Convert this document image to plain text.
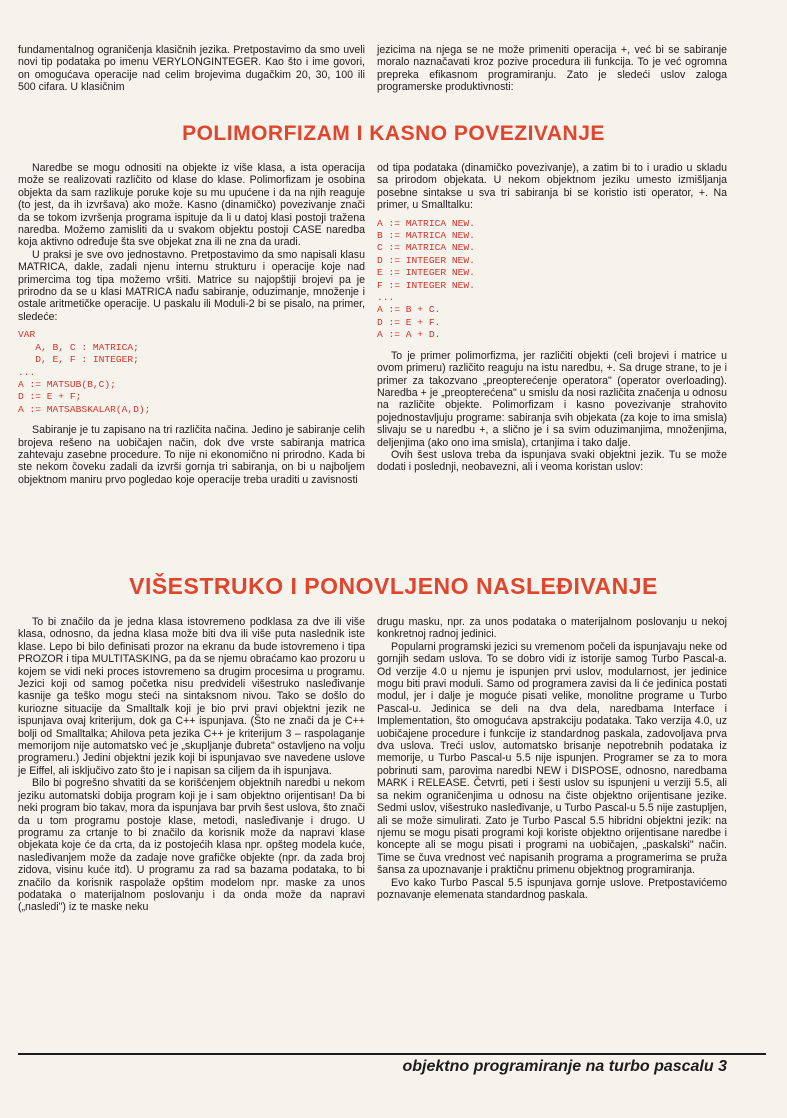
fundamentalnog ograničenja klasičnih jezika. Pretpostavimo da smo uveli novi tip podataka po imenu VERYLONGINTEGER. Kao što i ime govori, on omogućava operacije nad celim brojevima dugačkim 20, 30, 100 ili 500 cifara. U klasičnim

jezicima na njega se ne može primeniti operacija +, već bi se sabiranje moralo naznačavati kroz pozive procedura ili funkcija. To je već ogromna prepreka efikasnom programiranju. Zato je sledeći uslov zaloga programerske produktivnosti:

POLIMORFIZAM I KASNO POVEZIVANJE

Naredbe se mogu odnositi na objekte iz više klasa, a ista operacija može se realizovati različito od klase do klase. Polimorfizam je osobina objekta da sam razlikuje poruke koje su mu upućene i da na njih reaguje (to jest, da ih izvršava) ako može. Kasno (dinamičko) povezivanje znači da se tokom izvršenja programa ispituje da li u datoj klasi postoji tražena naredba. Možemo zamisliti da u svakom objektu postoji CASE naredba koja aktivno određuje šta sve objekat zna ili ne zna da uradi.

U praksi je sve ovo jednostavno. Pretpostavimo da smo napisali klasu MATRICA, dakle, zadali njenu internu strukturu i operacije koje nad primercima tog tipa možemo vršiti. Matrice su najopštiji brojevi pa je prirodno da se u klasi MATRICA nađu sabiranje, oduzimanje, množenje i ostale aritmetičke operacije. U paskalu ili Moduli-2 bi se pisalo, na primer, sledeće:

VAR
A, B, C : MATRICA;
D, E, F : INTEGER;
...
A := MATSUB(B,C);
D := E + F;
A := MATSABSKALAR(A,D);

Sabiranje je tu zapisano na tri različita načina. Jedino je sabiranje celih brojeva rešeno na uobičajen način, dok dve vrste sabiranja matrica zahtevaju zasebne procedure. To nije ni ekonomično ni prirodno. Kada bi ste nekom čoveku zadali da izvrši gornja tri sabiranja, on bi u najboljem objektnom maniru prvo pogledao koje operacije treba uraditi u zavisnosti

od tipa podataka (dinamičko povezivanje), a zatim bi to i uradio u skladu sa prirodom objekata. U nekom objektnom jeziku umesto izmišljanja posebne sintakse u sva tri sabiranja bi se koristio isti operator, +. Na primer, u Smalltalku:

A := MATRICA NEW.
B := MATRICA NEW.
C := MATRICA NEW.
D := INTEGER NEW.
E := INTEGER NEW.
F := INTEGER NEW.
...
A := B + C.
D := E + F.
A := A + D.

To je primer polimorfizma, jer različiti objekti (celi brojevi i matrice u ovom primeru) različito reaguju na istu naredbu, +. Sa druge strane, to je i primer za takozvano „preopterećenje operatora" (operator overloading). Naredba + je „preopterećena" u smislu da nosi različita značenja u odnosu na različite objekte. Polimorfizam i kasno povezivanje strahovito pojednostavljuju programe: sabiranja svih objekata (za koje to ima smisla) slivaju se u naredbu +, a slično je i sa svim oduzimanjima, množenjima, deljenjima (ako ono ima smisla), crtanjima i tako dalje.

Ovih šest uslova treba da ispunjava svaki objektni jezik. Tu se može dodati i poslednji, neobavezni, ali i veoma koristan uslov:

VIŠESTRUKO I PONOVLJENO NASLEĐIVANJE

To bi značilo da je jedna klasa istovremeno podklasa za dve ili više klasa, odnosno, da jedna klasa može biti dva ili više puta naslednik iste klase. Lepo bi bilo definisati prozor na ekranu da bude istovremeno i tipa PROZOR i tipa MULTITASKING, pa da se njemu obraćamo kao prozoru u kojem se vidi neki proces istovremeno sa drugim procesima u programu. Jezici koji od samog početka nisu predvideli višestruko nasleđivanje kasnije ga teško mogu steći na sintaksnom nivou. Tako se došlo do kuriozne situacije da Smalltalk koji je bio prvi pravi objektni jezik ne ispunjava ovaj kriterijum, dok ga C++ ispunjava. (Što ne znači da je C++ bolji od Smalltalka; Ahilova peta jezika C++ je kriterijum 3 – raspolaganje memorijom nije automatsko već je „skupljanje đubreta" ostavljeno na volju programeru.) Jedini objektni jezik koji bi ispunjavao sve navedene uslove je Eiffel, ali isključivo zato što je i napisan sa ciljem da ih ispunjava.

Bilo bi pogrešno shvatiti da se korišćenjem objektnih naredbi u nekom jeziku automatski dobija program koji je i sam objektno orijentisan! Da bi neki program bio takav, mora da ispunjava bar prvih šest uslova, što znači da u tom programu postoje klase, metodi, nasleđivanje i drugo. U programu za crtanje to bi značilo da korisnik može da napravi klase objekata koje će da crta, da iz postojećih klasa npr. opšteg modela kuće, nasleđivanjem može da zadaje nove grafičke objekte (npr. da zada broj zidova, visinu kuće itd). U programu za rad sa bazama podataka, to bi značilo da korisnik raspolaže opštim modelom npr. maske za unos podataka o materijalnom poslovanju i da onda može da napravi („nasledi") iz te maske neku

drugu masku, npr. za unos podataka o materijalnom poslovanju u nekoj konkretnoj radnoj jedinici.

Popularni programski jezici su vremenom počeli da ispunjavaju neke od gornjih sedam uslova. To se dobro vidi iz istorije samog Turbo Pascal-a. Od verzije 4.0 u njemu je ispunjen prvi uslov, modularnost, jer jedinice mogu biti pravi moduli. Samo od programera zavisi da li će jedinica postati modul, jer i dalje je moguće pisati velike, monolitne programe u Turbo Pascal-u. Jedinica se deli na dva dela, naredbama Interface i Implementation, što omogućava apstrakciju podataka. Tako verzija 4.0, uz uobičajene procedure i funkcije iz standardnog paskala, zadovoljava prva dva uslova. Treći uslov, automatsko brisanje nepotrebnih podataka iz memorije, u Turbo Pascal-u 5.5 nije ispunjen. Programer se za to mora pobrinuti sam, parovima naredbi NEW i DISPOSE, odnosno, naredbama MARK i RELEASE. Četvrti, peti i šesti uslov su ispunjeni u verziji 5.5, ali sa nekim ograničenjima u odnosu na čiste objektno orijentisane jezike. Sedmi uslov, višestruko nasleđivanje, u Turbo Pascal-u 5.5 nije zastupljen, ali se može simulirati. Zato je Turbo Pascal 5.5 hibridni objektni jezik: na njemu se mogu pisati programi koji koriste objektno orijentisane naredbe i koncepte ali se mogu pisati i programi na uobičajen, „paskalski" način. Time se čuva vrednost već napisanih programa a programerima se pruža šansa za upoznavanje i praktičnu primenu objektnog programiranja.

Evo kako Turbo Pascal 5.5 ispunjava gornje uslove. Pretpostavićemo poznavanje elemenata standardnog paskala.

objektno programiranje na turbo pascalu 3
